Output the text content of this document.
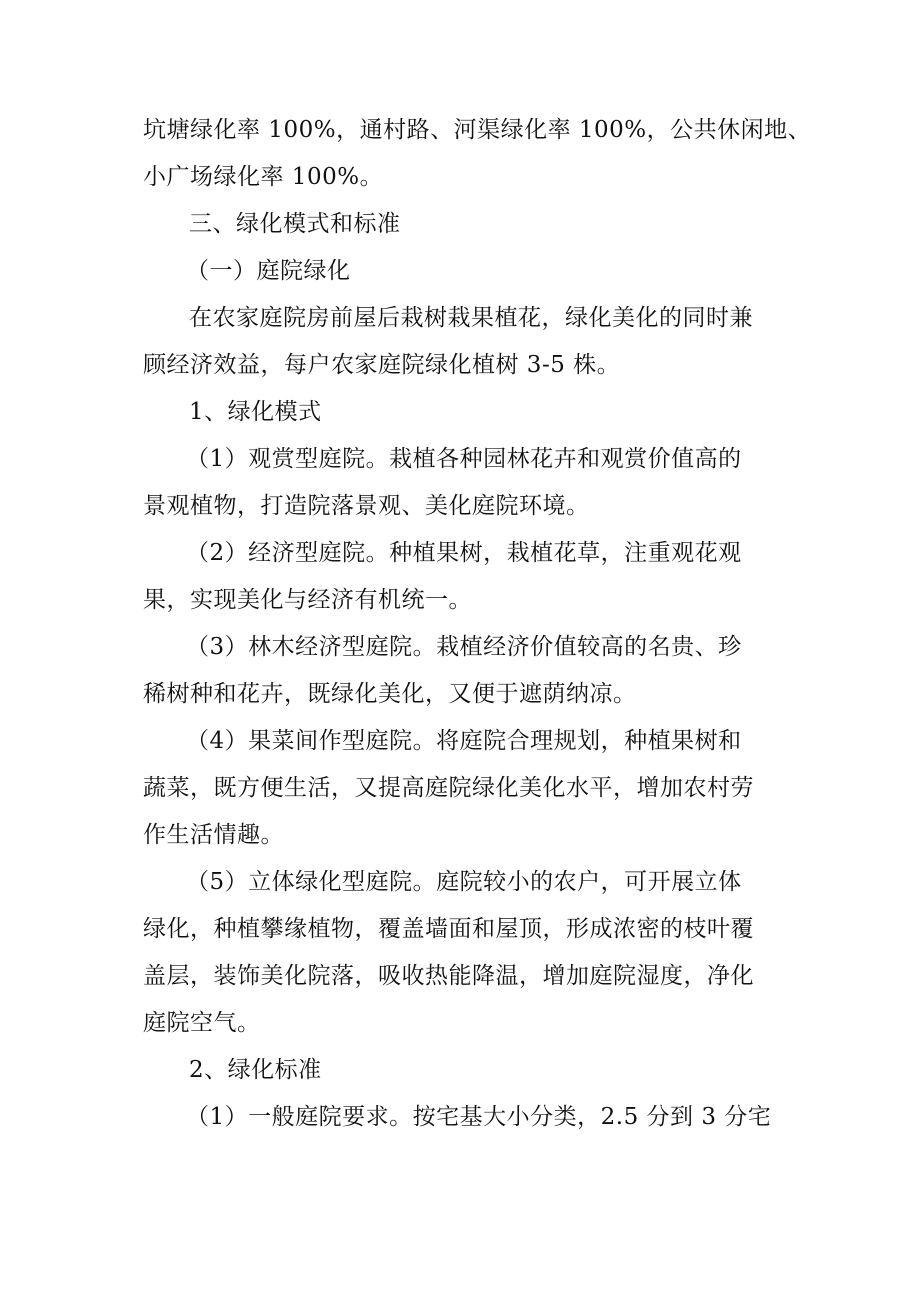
坑塘绿化率 100%，通村路、河渠绿化率 100%，公共休闲地、
小广场绿化率 100%。
三、绿化模式和标准
（一）庭院绿化
在农家庭院房前屋后栽树栽果植花，绿化美化的同时兼
顾经济效益，每户农家庭院绿化植树 3-5 株。
1、绿化模式
（1）观赏型庭院。栽植各种园林花卉和观赏价值高的
景观植物，打造院落景观、美化庭院环境。
（2）经济型庭院。种植果树，栽植花草，注重观花观
果，实现美化与经济有机统一。
（3）林木经济型庭院。栽植经济价值较高的名贵、珍
稀树种和花卉，既绿化美化，又便于遮荫纳凉。
（4）果菜间作型庭院。将庭院合理规划，种植果树和
蔬菜，既方便生活，又提高庭院绿化美化水平，增加农村劳
作生活情趣。
（5）立体绿化型庭院。庭院较小的农户，可开展立体
绿化，种植攀缘植物，覆盖墙面和屋顶，形成浓密的枝叶覆
盖层，装饰美化院落，吸收热能降温，增加庭院湿度，净化
庭院空气。
2、绿化标准
（1）一般庭院要求。按宅基大小分类，2.5 分到 3 分宅
